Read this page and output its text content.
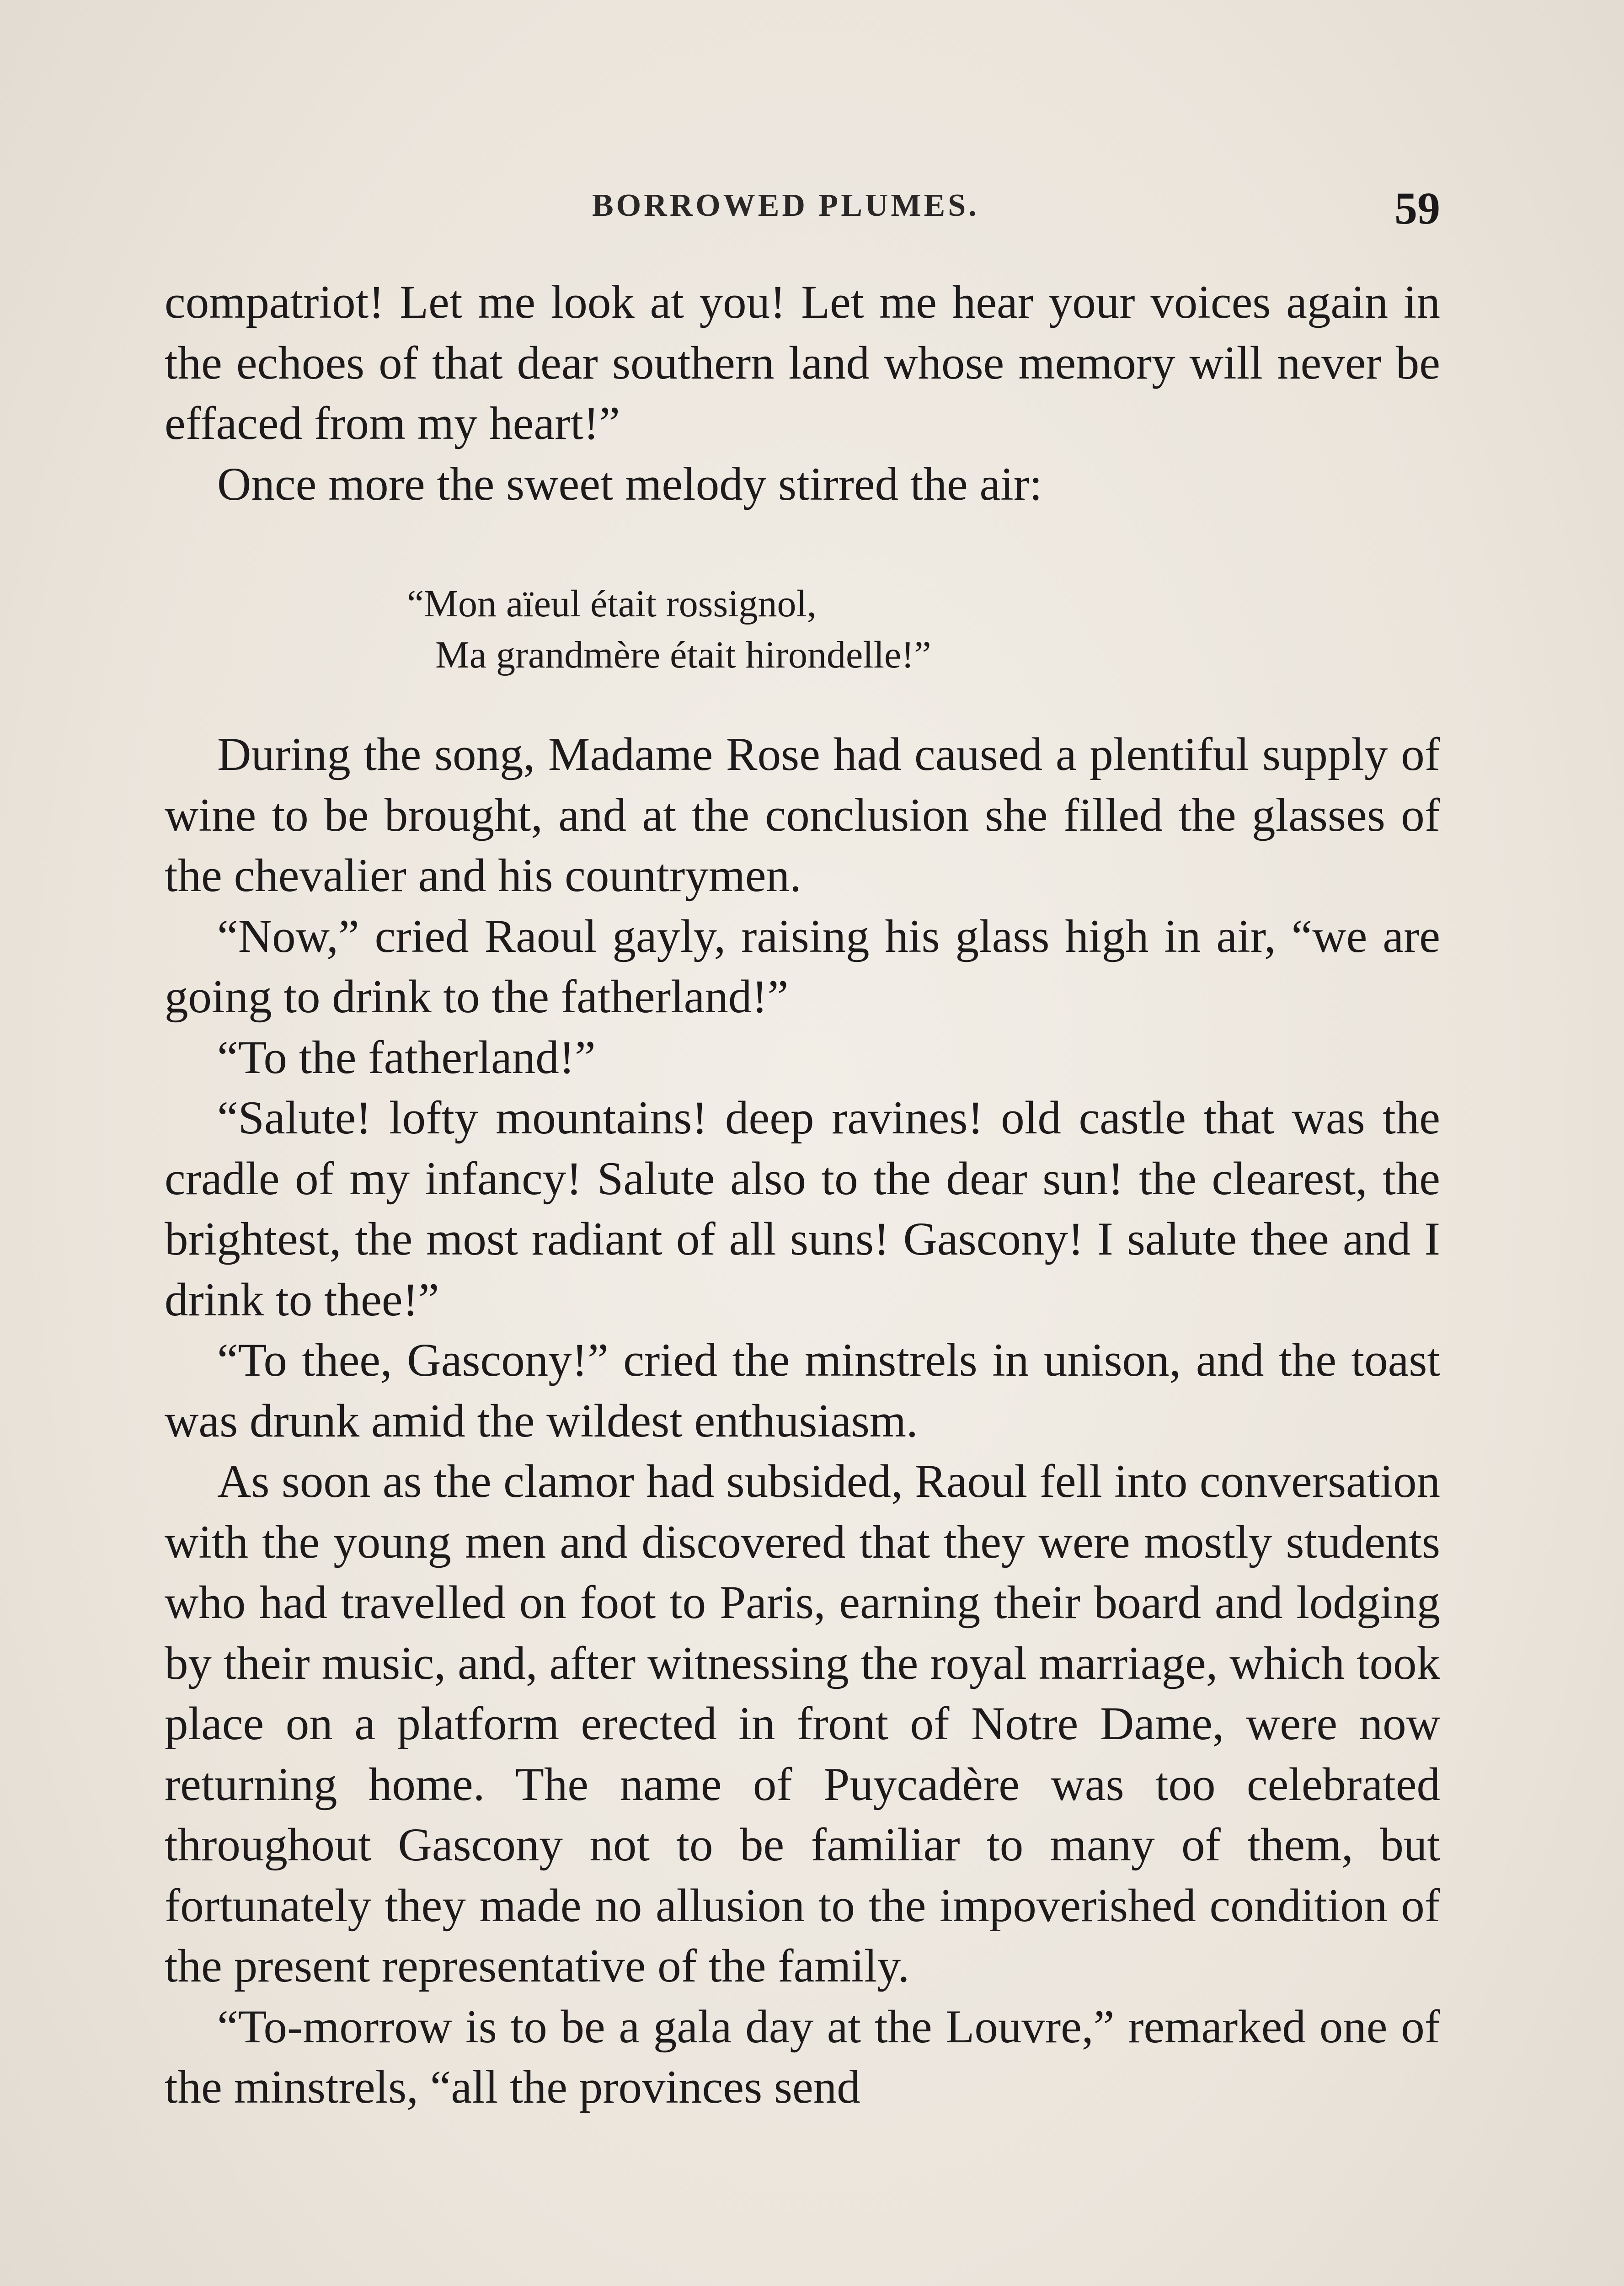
BORROWED PLUMES.	59

compatriot! Let me look at you! Let me hear your voices again in the echoes of that dear southern land whose memory will never be effaced from my heart!”

Once more the sweet melody stirred the air:

“Mon aïeul était rossignol,
Ma grandmère était hirondelle!”

During the song, Madame Rose had caused a plentiful supply of wine to be brought, and at the conclusion she filled the glasses of the chevalier and his countrymen.

“Now,” cried Raoul gayly, raising his glass high in air, “we are going to drink to the fatherland!”

“To the fatherland!”

“Salute! lofty mountains! deep ravines! old castle that was the cradle of my infancy! Salute also to the dear sun! the clearest, the brightest, the most radiant of all suns! Gascony! I salute thee and I drink to thee!”

“To thee, Gascony!” cried the minstrels in unison, and the toast was drunk amid the wildest enthusiasm.

As soon as the clamor had subsided, Raoul fell into conversation with the young men and discovered that they were mostly students who had travelled on foot to Paris, earning their board and lodging by their music, and, after witnessing the royal marriage, which took place on a platform erected in front of Notre Dame, were now returning home. The name of Puycadère was too celebrated throughout Gascony not to be familiar to many of them, but fortunately they made no allusion to the impoverished condition of the present representative of the family.

“To-morrow is to be a gala day at the Louvre,” remarked one of the minstrels, “all the provinces send
